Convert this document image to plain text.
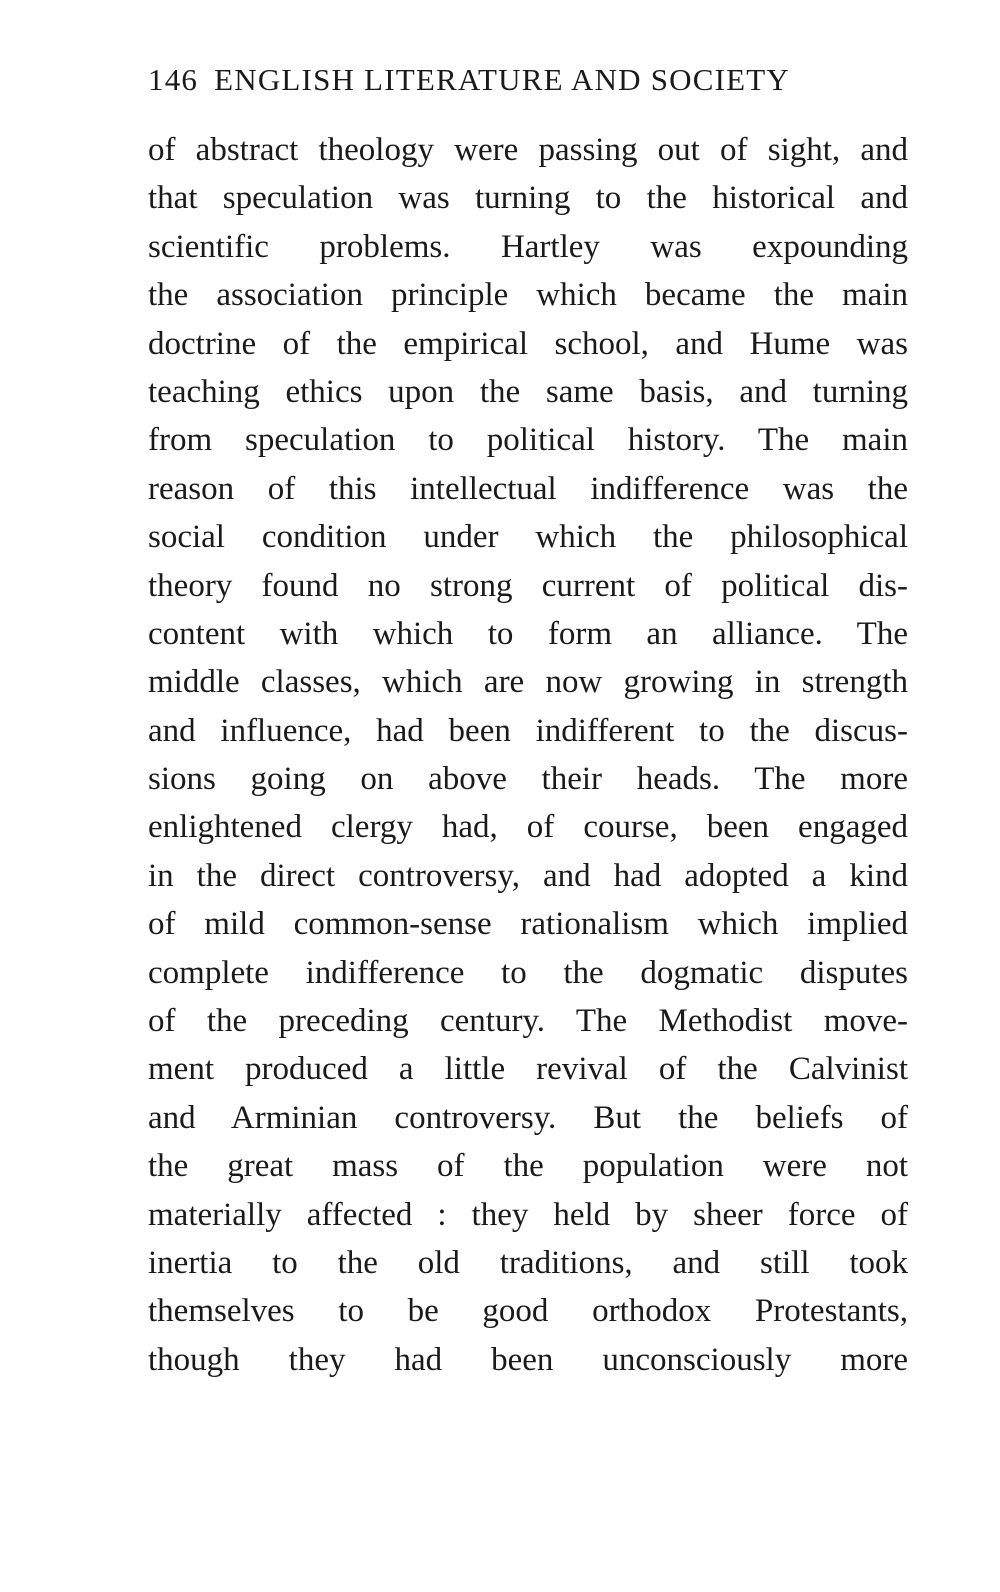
146 ENGLISH LITERATURE AND SOCIETY
of abstract theology were passing out of sight, and
that speculation was turning to the historical and
scientific problems. Hartley was expounding
the association principle which became the main
doctrine of the empirical school, and Hume was
teaching ethics upon the same basis, and turning
from speculation to political history. The main
reason of this intellectual indifference was the
social condition under which the philosophical
theory found no strong current of political dis-
content with which to form an alliance. The
middle classes, which are now growing in strength
and influence, had been indifferent to the discus-
sions going on above their heads. The more
enlightened clergy had, of course, been engaged
in the direct controversy, and had adopted a kind
of mild common-sense rationalism which implied
complete indifference to the dogmatic disputes
of the preceding century. The Methodist move-
ment produced a little revival of the Calvinist
and Arminian controversy. But the beliefs of
the great mass of the population were not
materially affected : they held by sheer force of
inertia to the old traditions, and still took
themselves to be good orthodox Protestants,
though they had been unconsciously more
